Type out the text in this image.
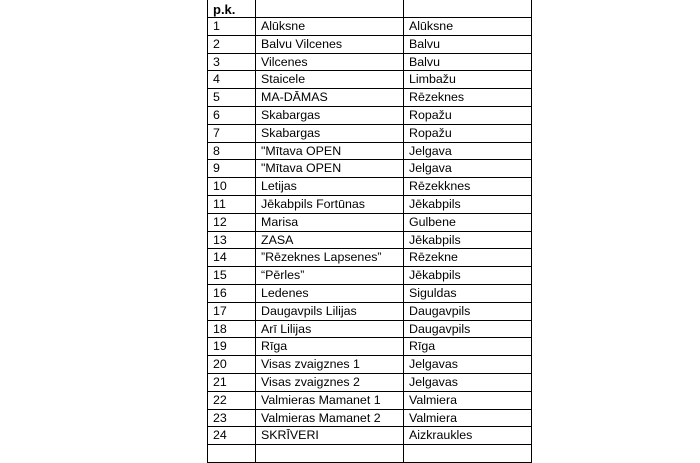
p.k.		
1	Alūksne	Alūksne
2	Balvu Vilcenes	Balvu
3	Vilcenes	Balvu
4	Staicele	Limbažu
5	MA-DĀMAS	Rēzeknes
6	Skabargas	Ropažu
7	Skabargas	Ropažu
8	"Mītava OPEN	Jelgava
9	"Mītava OPEN	Jelgava
10	Letijas	Rēzekknes
11	Jēkabpils Fortūnas	Jēkabpils
12	Marisa	Gulbene
13	ZASA	Jēkabpils
14	”Rēzeknes Lapsenes”	Rēzekne
15	“Pērles”	Jēkabpils
16	Ledenes	Siguldas
17	Daugavpils Lilijas	Daugavpils
18	Arī Lilijas	Daugavpils
19	Rīga	Rīga
20	Visas zvaigznes 1	Jelgavas
21	Visas zvaigznes 2	Jelgavas
22	Valmieras Mamanet 1	Valmiera
23	Valmieras Mamanet 2	Valmiera
24	SKRĪVERI	Aizkraukles
